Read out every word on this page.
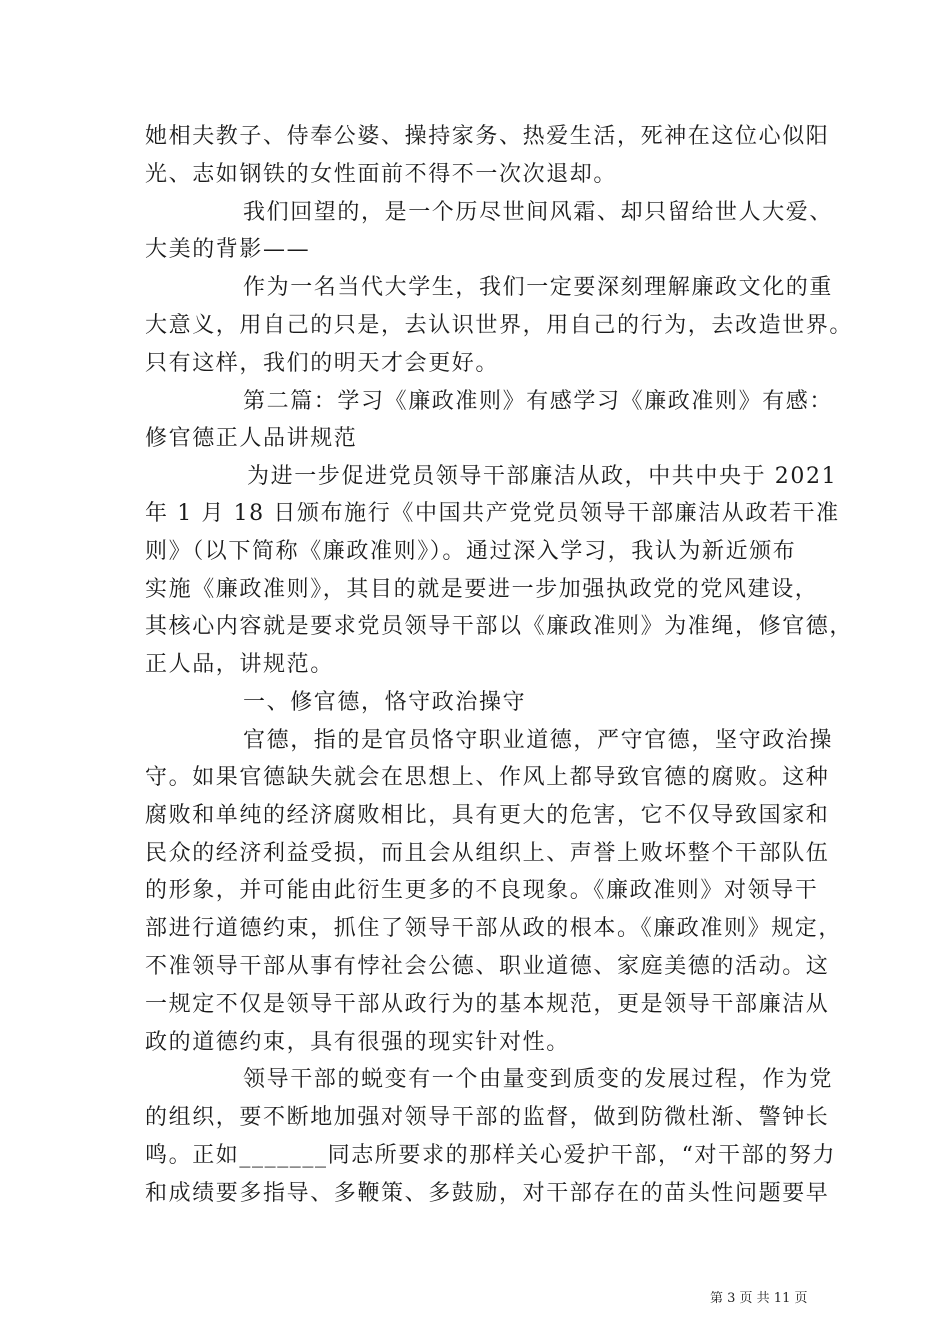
她相夫教子、侍奉公婆、操持家务、热爱生活，死神在这位心似阳
光、志如钢铁的女性面前不得不一次次退却。
我们回望的，是一个历尽世间风霜、却只留给世人大爱、
大美的背影——
作为一名当代大学生，我们一定要深刻理解廉政文化的重
大意义，用自己的只是，去认识世界，用自己的行为，去改造世界。
只有这样，我们的明天才会更好。
第二篇：学习《廉政准则》有感学习《廉政准则》有感：
修官德正人品讲规范
为进一步促进党员领导干部廉洁从政，中共中央于 2021
年 1 月 18 日颁布施行《中国共产党党员领导干部廉洁从政若干准
则》（以下简称《廉政准则》）。通过深入学习，我认为新近颁布
实施《廉政准则》，其目的就是要进一步加强执政党的党风建设，
其核心内容就是要求党员领导干部以《廉政准则》为准绳，修官德，
正人品，讲规范。
一、修官德，恪守政治操守
官德，指的是官员恪守职业道德，严守官德，坚守政治操
守。如果官德缺失就会在思想上、作风上都导致官德的腐败。这种
腐败和单纯的经济腐败相比，具有更大的危害，它不仅导致国家和
民众的经济利益受损，而且会从组织上、声誉上败坏整个干部队伍
的形象，并可能由此衍生更多的不良现象。《廉政准则》对领导干
部进行道德约束，抓住了领导干部从政的根本。《廉政准则》规定，
不准领导干部从事有悖社会公德、职业道德、家庭美德的活动。这
一规定不仅是领导干部从政行为的基本规范，更是领导干部廉洁从
政的道德约束，具有很强的现实针对性。
领导干部的蜕变有一个由量变到质变的发展过程，作为党
的组织，要不断地加强对领导干部的监督，做到防微杜渐、警钟长
鸣。正如_______同志所要求的那样关心爱护干部，“对干部的努力
和成绩要多指导、多鞭策、多鼓励，对干部存在的苗头性问题要早
第 3 页 共 11 页
